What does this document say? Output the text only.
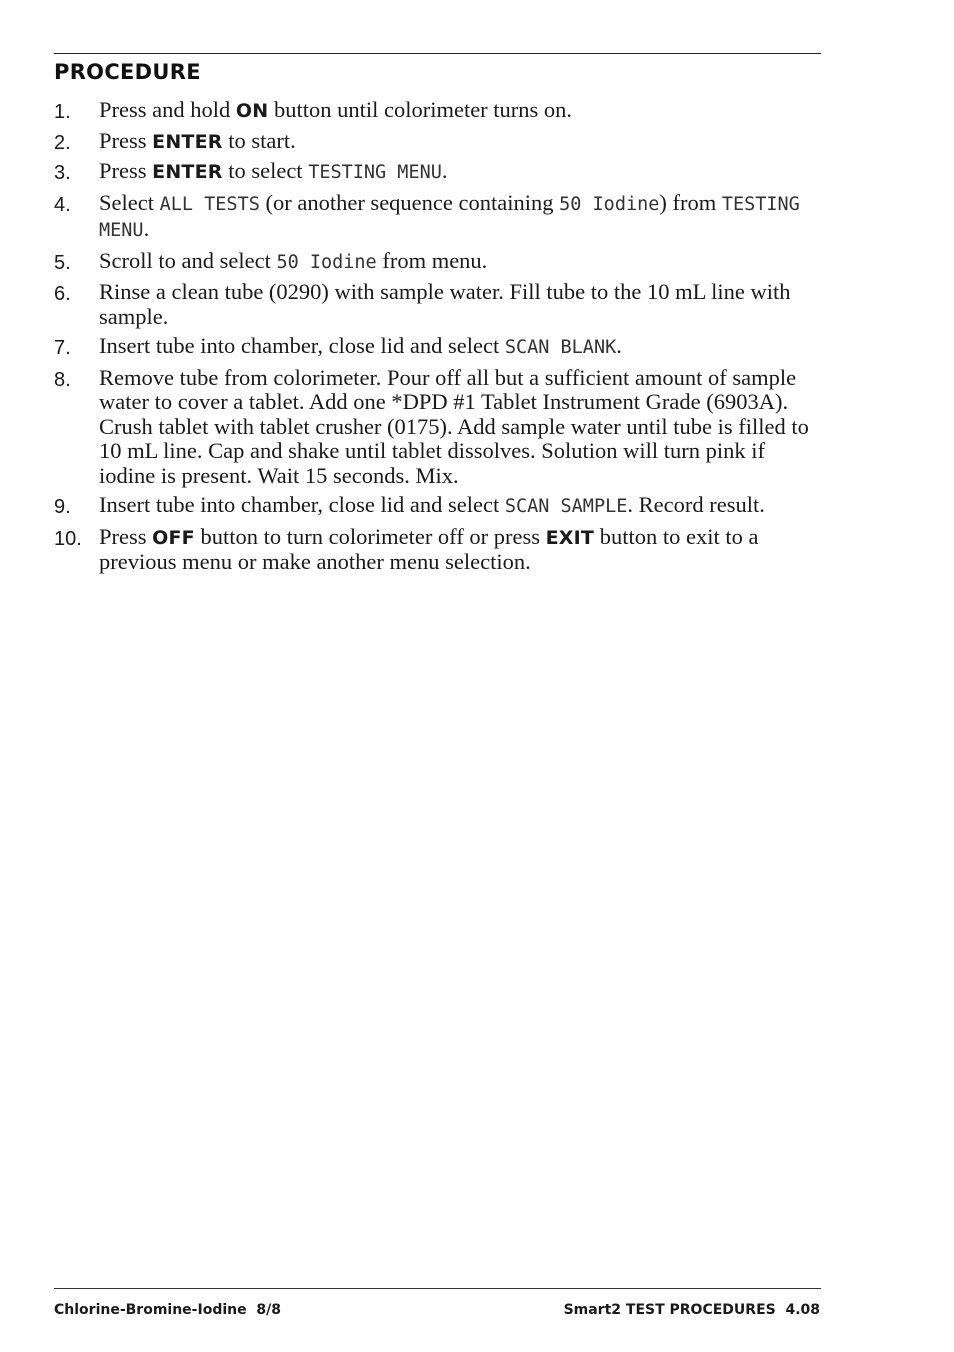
PROCEDURE
1. Press and hold ON button until colorimeter turns on.
2. Press ENTER to start.
3. Press ENTER to select TESTING MENU.
4. Select ALL TESTS (or another sequence containing 50 Iodine) from TESTING MENU.
5. Scroll to and select 50 Iodine from menu.
6. Rinse a clean tube (0290) with sample water. Fill tube to the 10 mL line with sample.
7. Insert tube into chamber, close lid and select SCAN BLANK.
8. Remove tube from colorimeter. Pour off all but a sufficient amount of sample water to cover a tablet. Add one *DPD #1 Tablet Instrument Grade (6903A). Crush tablet with tablet crusher (0175). Add sample water until tube is filled to 10 mL line. Cap and shake until tablet dissolves. Solution will turn pink if iodine is present. Wait 15 seconds. Mix.
9. Insert tube into chamber, close lid and select SCAN SAMPLE. Record result.
10. Press OFF button to turn colorimeter off or press EXIT button to exit to a previous menu or make another menu selection.
Chlorine-Bromine-Iodine  8/8	Smart2 TEST PROCEDURES  4.08
